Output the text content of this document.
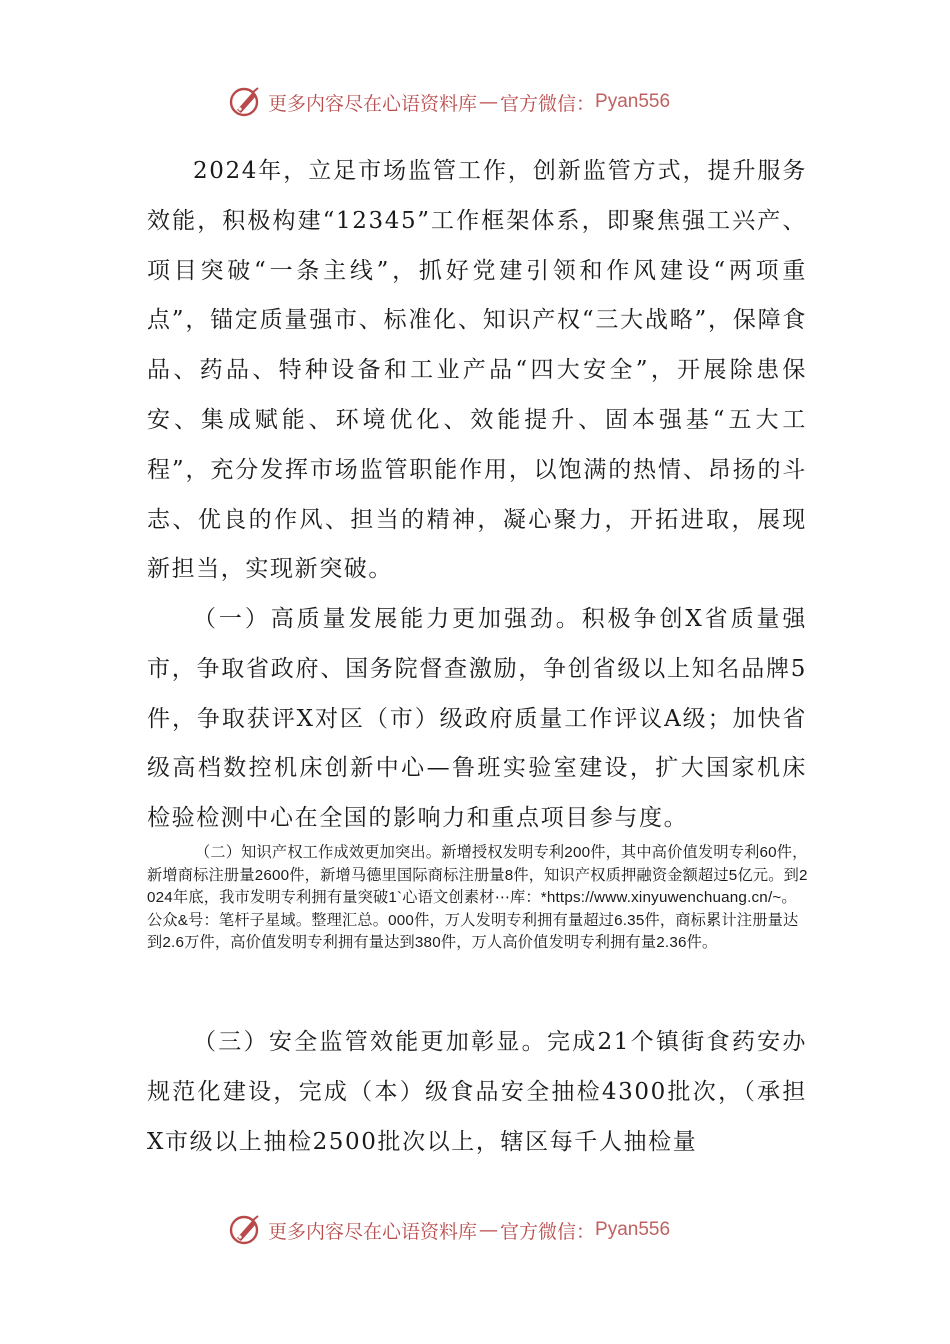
更多内容尽在心语资料库 — 官方微信： Pyan556

2024年，立足市场监管工作，创新监管方式，提升服务效能，积极构建“12345”工作框架体系，即聚焦强工兴产、项目突破“一条主线”，抓好党建引领和作风建设“两项重点”，锚定质量强市、标准化、知识产权“三大战略”，保障食品、药品、特种设备和工业产品“四大安全”，开展除患保安、集成赋能、环境优化、效能提升、固本强基“五大工程”，充分发挥市场监管职能作用，以饱满的热情、昂扬的斗志、优良的作风、担当的精神，凝心聚力，开拓进取，展现新担当，实现新突破。

（一）高质量发展能力更加强劲。积极争创X省质量强市，争取省政府、国务院督查激励，争创省级以上知名品牌5件，争取获评X对区（市）级政府质量工作评议A级；加快省级高档数控机床创新中心—鲁班实验室建设，扩大国家机床检验检测中心在全国的影响力和重点项目参与度。

（二）知识产权工作成效更加突出。新增授权发明专利200件，其中高价值发明专利60件，新增商标注册量2600件，新增马德里国际商标注册量8件，知识产权质押融资金额超过5亿元。到2024年底，我市发明专利拥有量突破1`心语文创素材⋯库：*https://www.xinyuwenchuang.cn/~。公众&号：笔杆子星域。整理汇总。000件，万人发明专利拥有量超过6.35件，商标累计注册量达到2.6万件，高价值发明专利拥有量达到380件，万人高价值发明专利拥有量2.36件。

（三）安全监管效能更加彰显。完成21个镇街食药安办规范化建设，完成（本）级食品安全抽检4300批次，（承担X市级以上抽检2500批次以上，辖区每千人抽检量

更多内容尽在心语资料库 — 官方微信： Pyan556
